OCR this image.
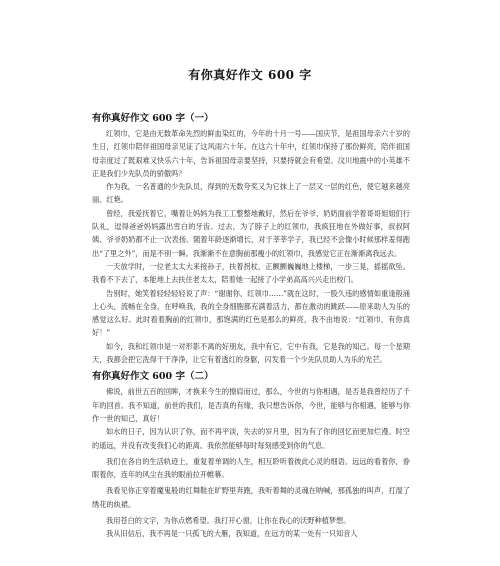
有你真好作文 600 字

有你真好作文 600 字（一）

红领巾，它是由无数革命先烈的鲜血染红的，今年的十月一号——国庆节，是祖国母亲六十岁的生日，红领巾陪伴祖国母亲见证了这风雨六十年。在这六十年中，红领巾保持了那份鲜亮，陪伴祖国母亲度过了既艰难又快乐六十年，告诉祖国母亲要坚持，只要持就会有希望。汶川地震中的小英雄不正是我们少先队员的骄傲吗？

作为我，一名普通的少先队员，得到的无数夸奖又为它抹上了一层又一层的红色，使它越来越亮丽、红艳。

曾经，我爱抚着它，嘴着让妈妈为我工工整整地戴好，然后在爷爷、奶奶面前学着哥哥姐姐们行队礼，逗得爸爸妈妈露出雪白的牙齿。过去，为了脖子上的红领巾，我疯狂地在外做好事，叔叔阿姨、爷爷奶奶都不止一次表扬。随着年龄逐渐增长，对于莘莘学子，我已经不会像小时候那样羞得跑出“了里之外”，而是不别一瞬。我渐渐不在意胸前那瘦小的红领巾，我感觉它正在渐渐离我远去。

一天放学时，一位老太太大来接孙子，扶着拐杖，正颤颤巍巍地上楼梯，一步三晃，摇摇欲坠。我看不下去了，本能地上去扶住老太太，陪着她一起接了小学弟高高兴兴走出校门。

告别时，她笑着轻轻轻轻说了声：“谢谢你，红领巾……”就在这时，一股久违的感情如重逢般涌上心头，流畅在全身，在呼唤我，我的全身细胞都充满着活力，都在激动的跳跃——原来助人为乐的感觉这么好。此时看着胸前的红领巾，那饱满的红色是那么的鲜亮，我不由地说：“红领巾，有你真好！”

如今，我和红领巾是一对形影不离的好朋友，我中有它，它中有我，它是我的知己。每一个星期天，我都会把它洗得干干净净，让它有着透红的身躯，闪发着一个少先队员助人为乐的光芒。

有你真好作文 600 字（二）

佛说，前世五百的回眸，才换来今生的擦肩而过，那么，今世的与你相遇，是否是我曾经历了千年的回首。我不知道，前世的我们，是否真的有缘，我只想告诉你，今世，能够与你相遇，能够与你作一世的知己，真好！

如水的日子，因为认识了你，而不再平淡，失去的岁月里，因为有了你的回忆而更加烂漫。时空的遥远，并没有改变我们心的距离。我依然能够每时每刻感受到你的气息。

我们在各自的生活轨迹上，重复着单调的人生，相互聆听着彼此心灵的细语。远远的看着你，眷眼着你，连年的风尘在我的眼前拉开帷幕。

我看见你正穿着魔鬼般的红舞鞋在旷野里奔跑，我听着舞的灵魂在呐喊，那孤独的叫声，打湿了绣花的纨裙。

我用苍白的文字，为你点燃希望。我打开心窗，让你在我心的沃野种植梦想。

我从旧信后，我不再是一只孤飞的大雁，我知道，在远方的某一处有一只知音人
